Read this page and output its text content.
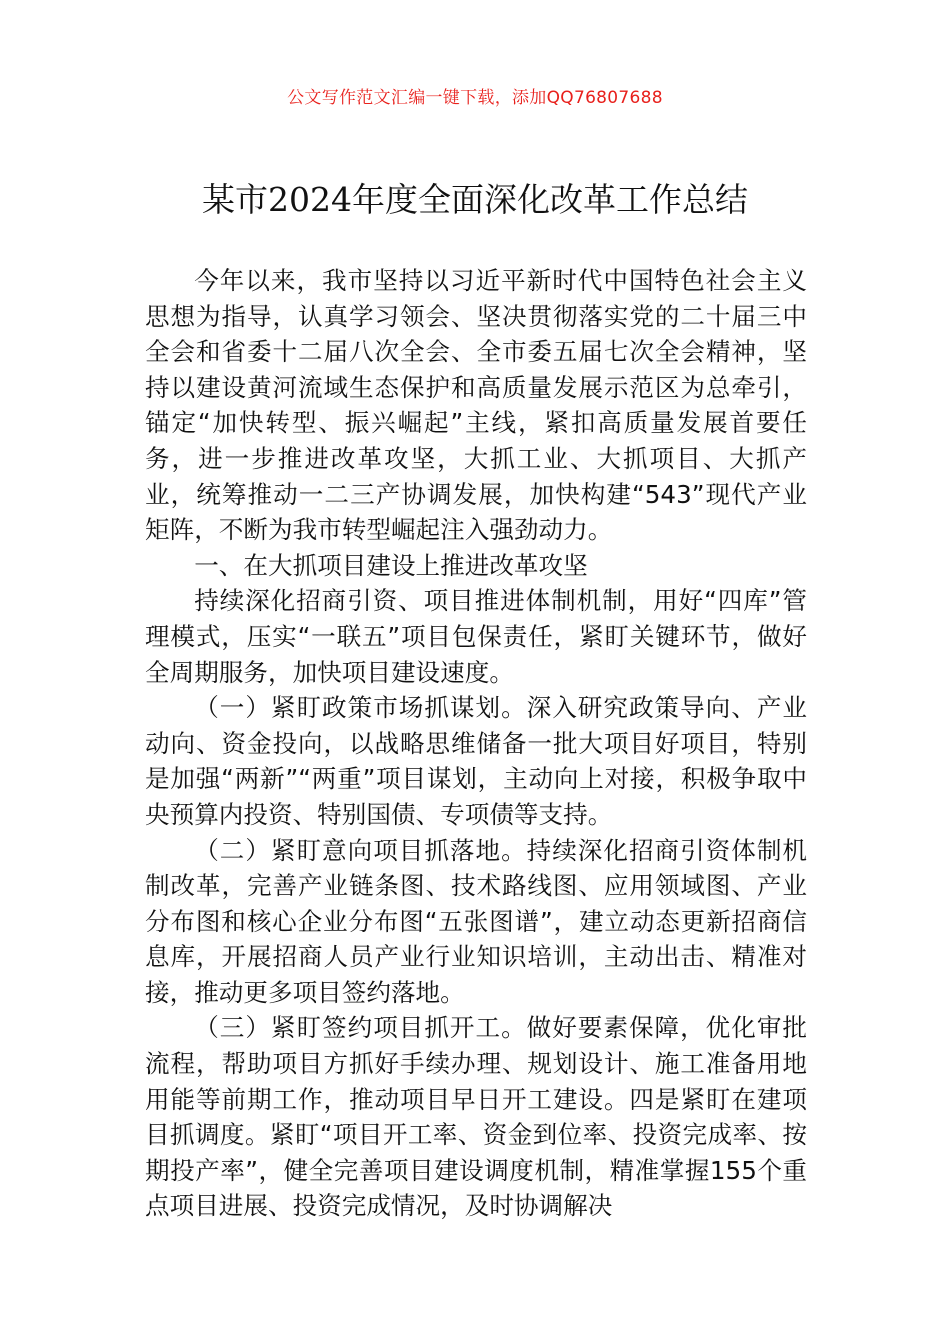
公文写作范文汇编一键下载，添加QQ76807688
某市2024年度全面深化改革工作总结

今年以来，我市坚持以习近平新时代中国特色社会主义思想为指导，认真学习领会、坚决贯彻落实党的二十届三中全会和省委十二届八次全会、全市委五届七次全会精神，坚持以建设黄河流域生态保护和高质量发展示范区为总牵引，锚定“加快转型、振兴崛起”主线，紧扣高质量发展首要任务，进一步推进改革攻坚，大抓工业、大抓项目、大抓产业，统筹推动一二三产协调发展，加快构建“543”现代产业矩阵，不断为我市转型崛起注入强劲动力。

一、在大抓项目建设上推进改革攻坚

持续深化招商引资、项目推进体制机制，用好“四库”管理模式，压实“一联五”项目包保责任，紧盯关键环节，做好全周期服务，加快项目建设速度。

（一）紧盯政策市场抓谋划。深入研究政策导向、产业动向、资金投向，以战略思维储备一批大项目好项目，特别是加强“两新”“两重”项目谋划，主动向上对接，积极争取中央预算内投资、特别国债、专项债等支持。

（二）紧盯意向项目抓落地。持续深化招商引资体制机制改革，完善产业链条图、技术路线图、应用领域图、产业分布图和核心企业分布图“五张图谱”，建立动态更新招商信息库，开展招商人员产业行业知识培训，主动出击、精准对接，推动更多项目签约落地。

（三）紧盯签约项目抓开工。做好要素保障，优化审批流程，帮助项目方抓好手续办理、规划设计、施工准备用地用能等前期工作，推动项目早日开工建设。四是紧盯在建项目抓调度。紧盯“项目开工率、资金到位率、投资完成率、按期投产率”，健全完善项目建设调度机制，精准掌握155个重点项目进展、投资完成情况，及时协调解决
